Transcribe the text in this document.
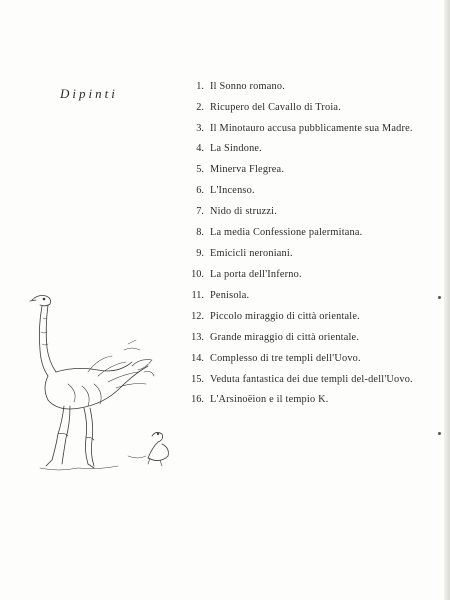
Dipinti	1. Il Sonno romano.
2. Ricupero del Cavallo di Troia.
3. Il Minotauro accusa pubblicamente sua Madre.
4. La Sindone.
5. Minerva Flegrea.
6. L'Incenso.
7. Nido di struzzi.
8. La media Confessione palermitana.
9. Emicicli neroniani.
10. La porta dell'Inferno.
11. Penisola.
12. Piccolo miraggio di città orientale.
13. Grande miraggio di città orientale.
14. Complesso di tre templi dell'Uovo.
15. Veduta fantastica dei due templi del-dell'Uovo.
16. L'Arsinoëion e il tempio K.
